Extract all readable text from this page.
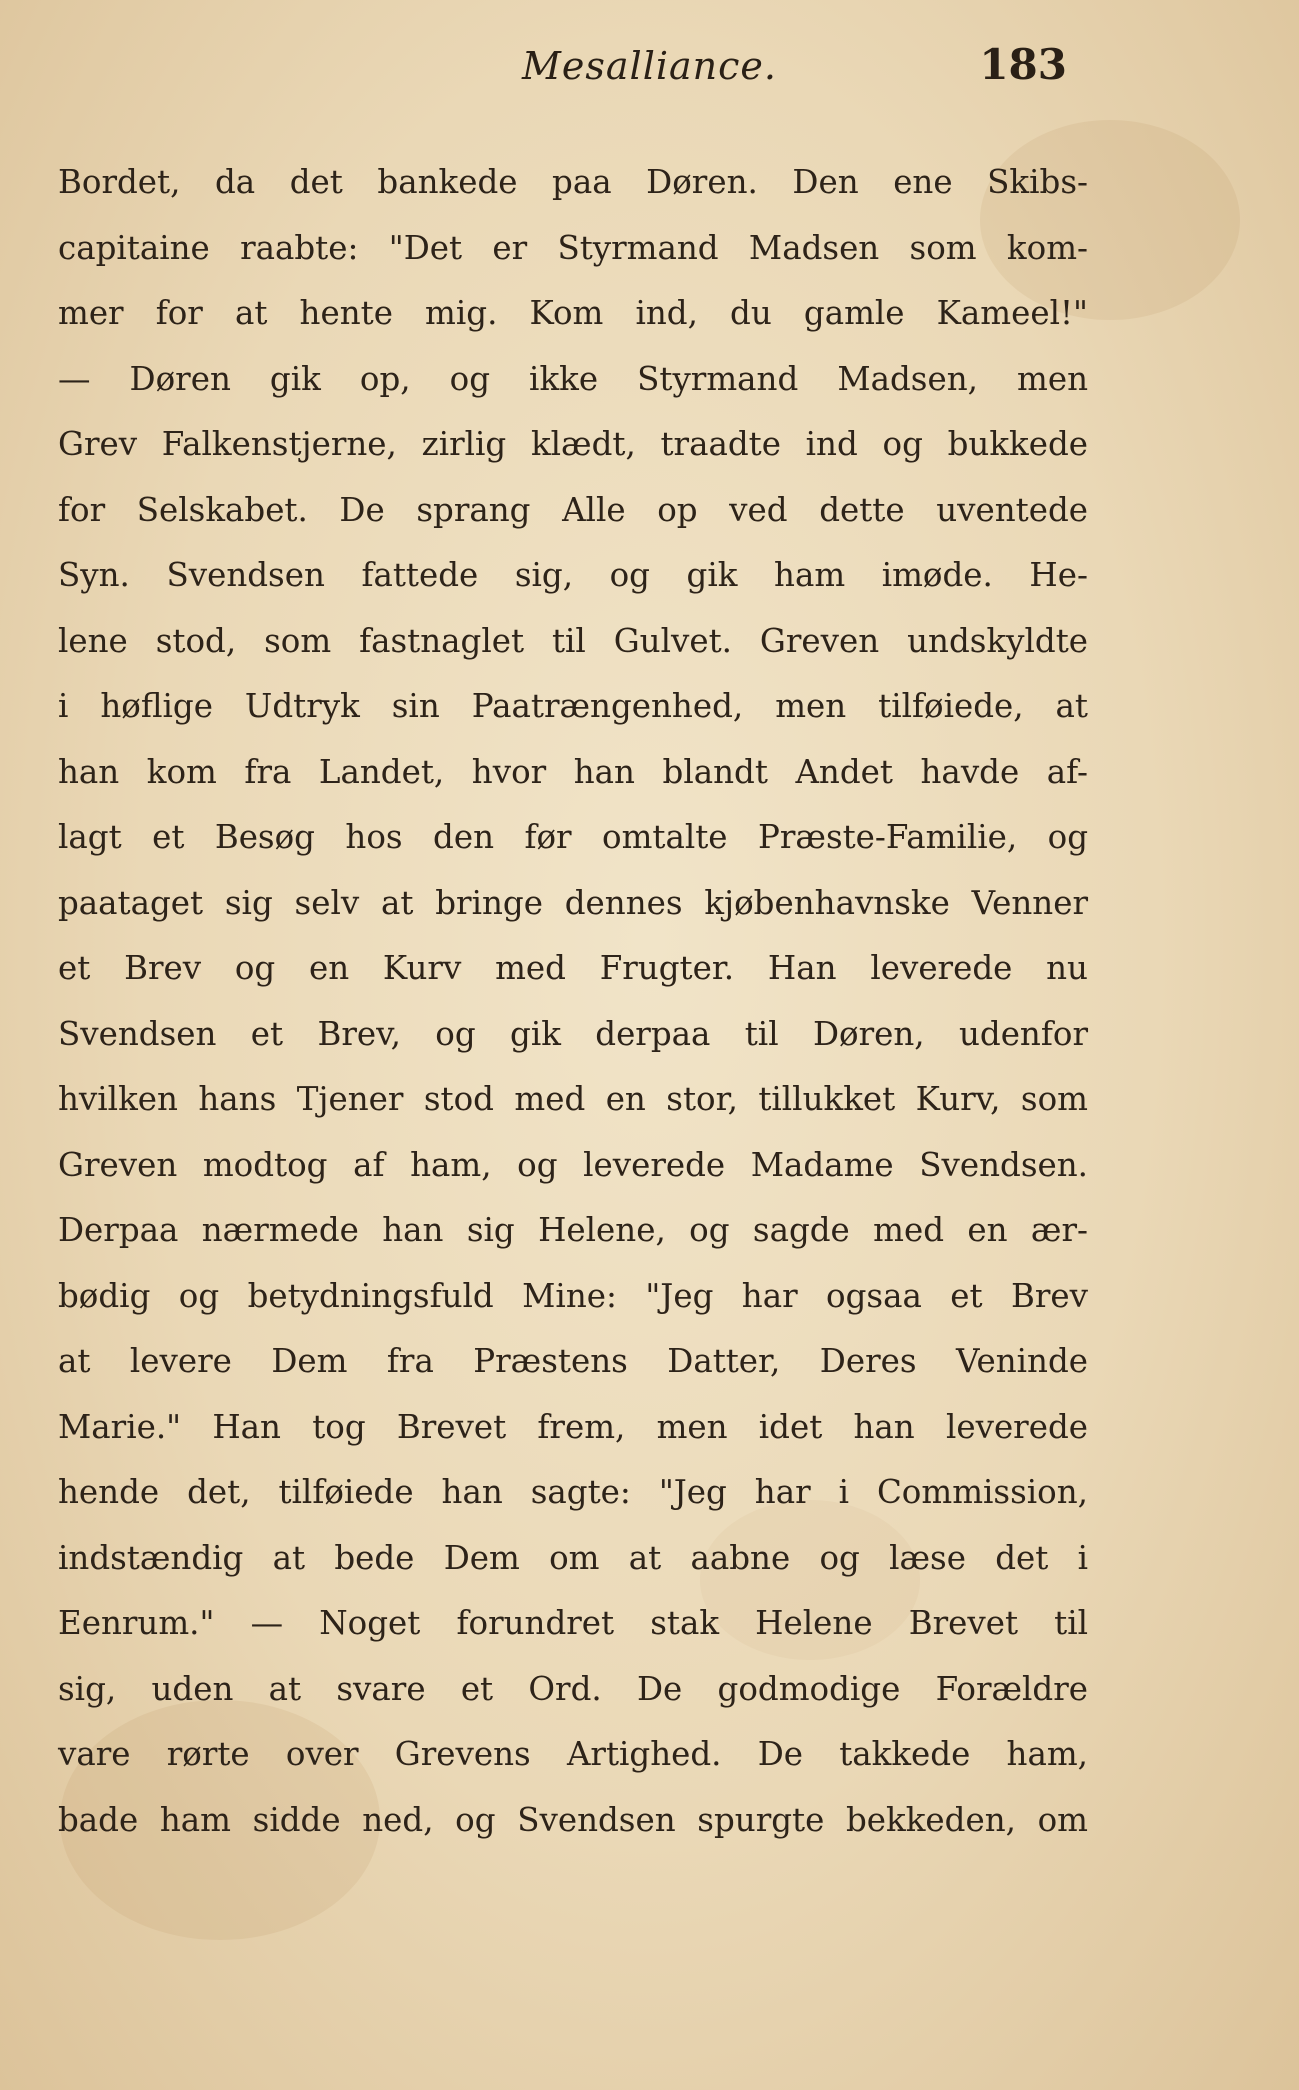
Mesalliance.	183
Bordet, da det bankede paa Døren. Den ene Skibs-
capitaine raabte: "Det er Styrmand Madsen som kom-
mer for at hente mig. Kom ind, du gamle Kameel!"
— Døren gik op, og ikke Styrmand Madsen, men
Grev Falkenstjerne, zirlig klædt, traadte ind og bukkede
for Selskabet. De sprang Alle op ved dette uventede
Syn. Svendsen fattede sig, og gik ham imøde. He-
lene stod, som fastnaglet til Gulvet. Greven undskyldte
i høflige Udtryk sin Paatrængenhed, men tilføiede, at
han kom fra Landet, hvor han blandt Andet havde af-
lagt et Besøg hos den før omtalte Præste-Familie, og
paataget sig selv at bringe dennes kjøbenhavnske Venner
et Brev og en Kurv med Frugter. Han leverede nu
Svendsen et Brev, og gik derpaa til Døren, udenfor
hvilken hans Tjener stod med en stor, tillukket Kurv, som
Greven modtog af ham, og leverede Madame Svendsen.
Derpaa nærmede han sig Helene, og sagde med en ær-
bødig og betydningsfuld Mine: "Jeg har ogsaa et Brev
at levere Dem fra Præstens Datter, Deres Veninde
Marie." Han tog Brevet frem, men idet han leverede
hende det, tilføiede han sagte: "Jeg har i Commission,
indstændig at bede Dem om at aabne og læse det i
Eenrum." — Noget forundret stak Helene Brevet til
sig, uden at svare et Ord. De godmodige Forældre
vare rørte over Grevens Artighed. De takkede ham,
bade ham sidde ned, og Svendsen spurgte bekkeden, om
